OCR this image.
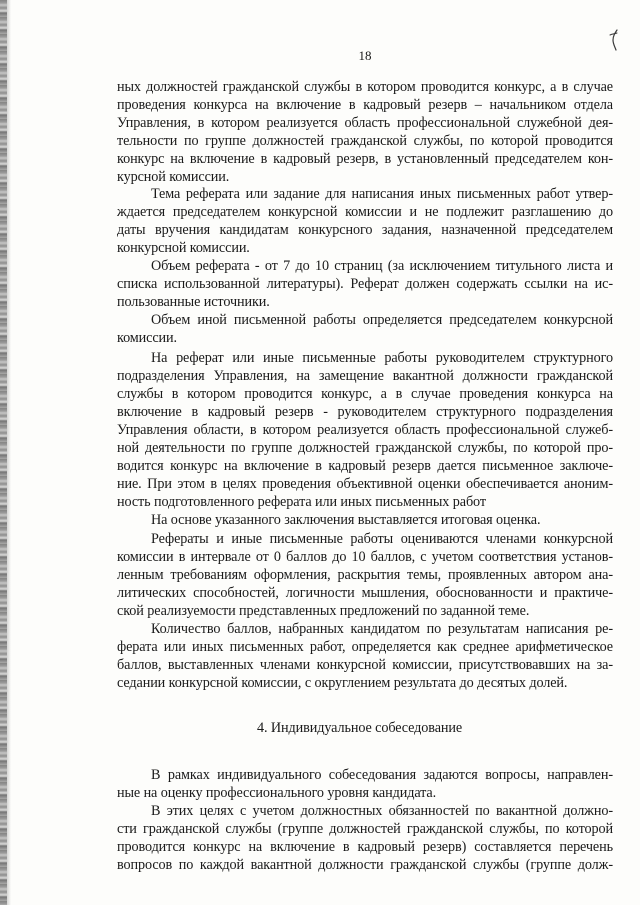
18
ных должностей гражданской службы в котором проводится конкурс, а в случае
проведения конкурса на включение в кадровый резерв – начальником отдела
Управления, в котором реализуется область профессиональной служебной дея-
тельности по группе должностей гражданской службы, по которой проводится
конкурс на включение в кадровый резерв, в установленный председателем кон-
курсной комиссии.
Тема реферата или задание для написания иных письменных работ утвер-
ждается председателем конкурсной комиссии и не подлежит разглашению до
даты вручения кандидатам конкурсного задания, назначенной председателем
конкурсной комиссии.
Объем реферата - от 7 до 10 страниц (за исключением титульного листа и
списка использованной литературы). Реферат должен содержать ссылки на ис-
пользованные источники.
Объем иной письменной работы определяется председателем конкурсной
комиссии.
На реферат или иные письменные работы руководителем структурного
подразделения Управления, на замещение вакантной должности гражданской
службы в котором проводится конкурс, а в случае проведения конкурса на
включение в кадровый резерв - руководителем структурного подразделения
Управления области, в котором реализуется область профессиональной служеб-
ной деятельности по группе должностей гражданской службы, по которой про-
водится конкурс на включение в кадровый резерв дается письменное заключе-
ние. При этом в целях проведения объективной оценки обеспечивается аноним-
ность подготовленного реферата или иных письменных работ
На основе указанного заключения выставляется итоговая оценка.
Рефераты и иные письменные работы оцениваются членами конкурсной
комиссии в интервале от 0 баллов до 10 баллов, с учетом соответствия установ-
ленным требованиям оформления, раскрытия темы, проявленных автором ана-
литических способностей, логичности мышления, обоснованности и практиче-
ской реализуемости представленных предложений по заданной теме.
Количество баллов, набранных кандидатом по результатам написания ре-
ферата или иных письменных работ, определяется как среднее арифметическое
баллов, выставленных членами конкурсной комиссии, присутствовавших на за-
седании конкурсной комиссии, с округлением результата до десятых долей.
4. Индивидуальное собеседование
В рамках индивидуального собеседования задаются вопросы, направлен-
ные на оценку профессионального уровня кандидата.
В этих целях с учетом должностных обязанностей по вакантной должно-
сти гражданской службы (группе должностей гражданской службы, по которой
проводится конкурс на включение в кадровый резерв) составляется перечень
вопросов по каждой вакантной должности гражданской службы (группе долж-
